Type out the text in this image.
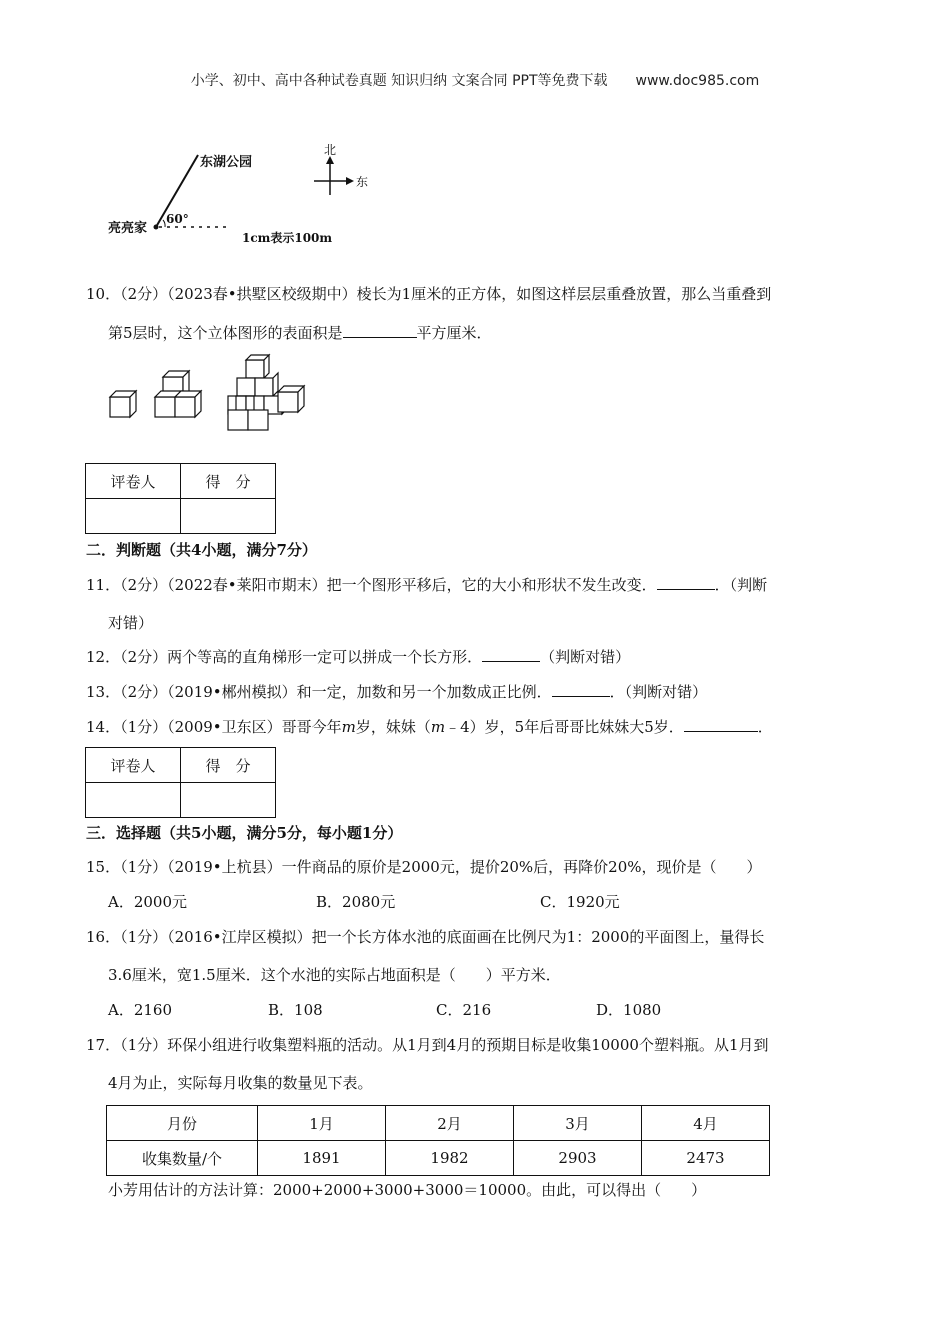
小学、初中、高中各种试卷真题 知识归纳 文案合同 PPT等免费下载 www.doc985.com
东湖公园
亮亮家
60°
北
东
1cm表示100m
10．（2分）（2023春•拱墅区校级期中）棱长为1厘米的正方体，如图这样层层重叠放置，那么当重叠到
第5层时，这个立体图形的表面积是	平方厘米．
评卷人	得　分

二．判断题（共4小题，满分7分）
11．（2分）（2022春•莱阳市期末）把一个图形平移后，它的大小和形状不发生改变．	．（判断
对错）
12．（2分）两个等高的直角梯形一定可以拼成一个长方形．	（判断对错）
13．（2分）（2019•郴州模拟）和一定，加数和另一个加数成正比例．	．（判断对错）
14．（1分）（2009•卫东区）哥哥今年m岁，妹妹（m﹣4）岁，5年后哥哥比妹妹大5岁．	．
评卷人	得　分

三．选择题（共5小题，满分5分，每小题1分）
15．（1分）（2019•上杭县）一件商品的原价是2000元，提价20%后，再降价20%，现价是（　　）
A．2000元	B．2080元	C．1920元
16．（1分）（2016•江岸区模拟）把一个长方体水池的底面画在比例尺为1：2000的平面图上，量得长
3.6厘米，宽1.5厘米．这个水池的实际占地面积是（　　）平方米．
A．2160	B．108	C．216	D．1080
17．（1分）环保小组进行收集塑料瓶的活动。从1月到4月的预期目标是收集10000个塑料瓶。从1月到
4月为止，实际每月收集的数量见下表。
月份	1月	2月	3月	4月
收集数量/个	1891	1982	2903	2473
小芳用估计的方法计算：2000+2000+3000+3000＝10000。由此，可以得出（　　）
